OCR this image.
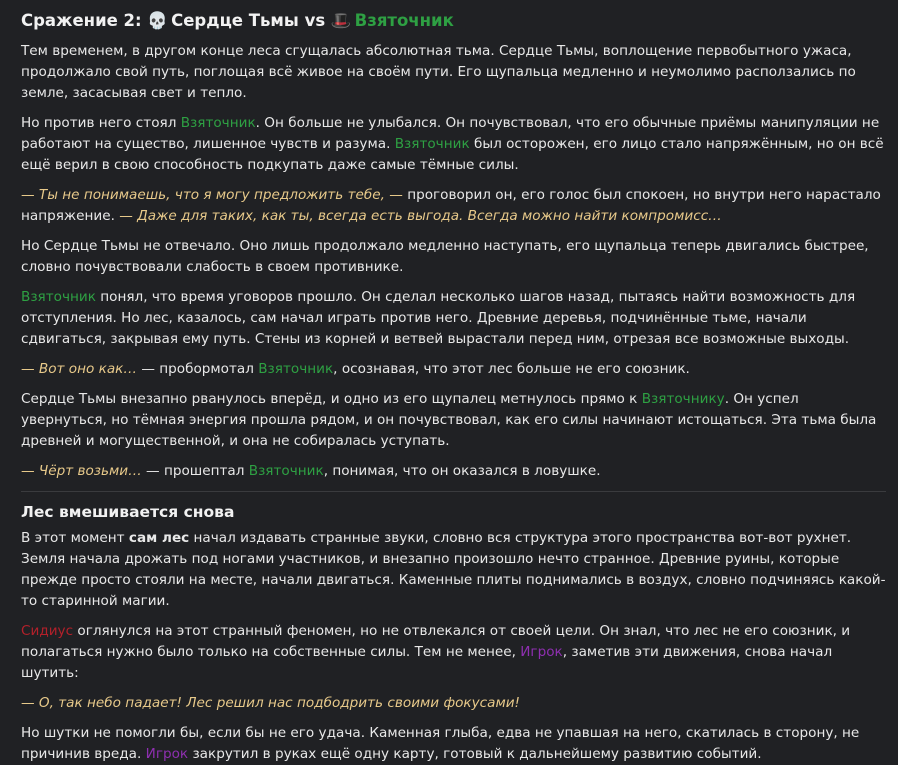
Сражение 2: 💀 Сердце Тьмы vs 🎩 Взяточник

Тем временем, в другом конце леса сгущалась абсолютная тьма. Сердце Тьмы, воплощение первобытного ужаса, продолжало свой путь, поглощая всё живое на своём пути. Его щупальца медленно и неумолимо расползались по земле, засасывая свет и тепло.

Но против него стоял Взяточник. Он больше не улыбался. Он почувствовал, что его обычные приёмы манипуляции не работают на существо, лишенное чувств и разума. Взяточник был осторожен, его лицо стало напряжённым, но он всё ещё верил в свою способность подкупать даже самые тёмные силы.

— Ты не понимаешь, что я могу предложить тебе, — проговорил он, его голос был спокоен, но внутри него нарастало напряжение. — Даже для таких, как ты, всегда есть выгода. Всегда можно найти компромисс…

Но Сердце Тьмы не отвечало. Оно лишь продолжало медленно наступать, его щупальца теперь двигались быстрее, словно почувствовали слабость в своем противнике.

Взяточник понял, что время уговоров прошло. Он сделал несколько шагов назад, пытаясь найти возможность для отступления. Но лес, казалось, сам начал играть против него. Древние деревья, подчинённые тьме, начали сдвигаться, закрывая ему путь. Стены из корней и ветвей вырастали перед ним, отрезая все возможные выходы.

— Вот оно как… — пробормотал Взяточник, осознавая, что этот лес больше не его союзник.

Сердце Тьмы внезапно рванулось вперёд, и одно из его щупалец метнулось прямо к Взяточнику. Он успел увернуться, но тёмная энергия прошла рядом, и он почувствовал, как его силы начинают истощаться. Эта тьма была древней и могущественной, и она не собиралась уступать.

— Чёрт возьми… — прошептал Взяточник, понимая, что он оказался в ловушке.

Лес вмешивается снова

В этот момент сам лес начал издавать странные звуки, словно вся структура этого пространства вот-вот рухнет. Земля начала дрожать под ногами участников, и внезапно произошло нечто странное. Древние руины, которые прежде просто стояли на месте, начали двигаться. Каменные плиты поднимались в воздух, словно подчиняясь какой-то старинной магии.

Сидиус оглянулся на этот странный феномен, но не отвлекался от своей цели. Он знал, что лес не его союзник, и полагаться нужно было только на собственные силы. Тем не менее, Игрок, заметив эти движения, снова начал шутить:

— О, так небо падает! Лес решил нас подбодрить своими фокусами!

Но шутки не помогли бы, если бы не его удача. Каменная глыба, едва не упавшая на него, скатилась в сторону, не причинив вреда. Игрок закрутил в руках ещё одну карту, готовый к дальнейшему развитию событий.
